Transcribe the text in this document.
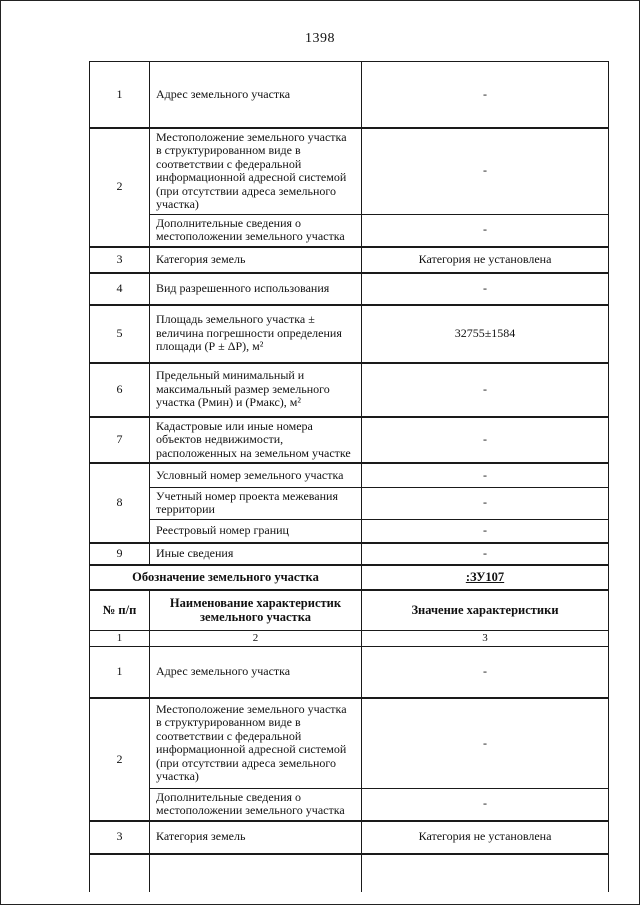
1398
1	Адрес земельного участка	-
2	Местоположение земельного участка в структурированном виде в соответствии с федеральной информационной адресной системой (при отсутствии адреса земельного участка)	-
	Дополнительные сведения о местоположении земельного участка	-
3	Категория земель	Категория не установлена
4	Вид разрешенного использования	-
5	Площадь земельного участка ± величина погрешности определения площади (Р ± ΔР), м²	32755±1584
6	Предельный минимальный и максимальный размер земельного участка (Рмин) и (Рмакс), м²	-
7	Кадастровые или иные номера объектов недвижимости, расположенных на земельном участке	-
8	Условный номер земельного участка	-
	Учетный номер проекта межевания территории	-
	Реестровый номер границ	-
9	Иные сведения	-
Обозначение земельного участка		:ЗУ107
№ п/п	Наименование характеристик земельного участка	Значение характеристики
1	2	3
1	Адрес земельного участка	-
2	Местоположение земельного участка в структурированном виде в соответствии с федеральной информационной адресной системой (при отсутствии адреса земельного участка)	-
	Дополнительные сведения о местоположении земельного участка	-
3	Категория земель	Категория не установлена
